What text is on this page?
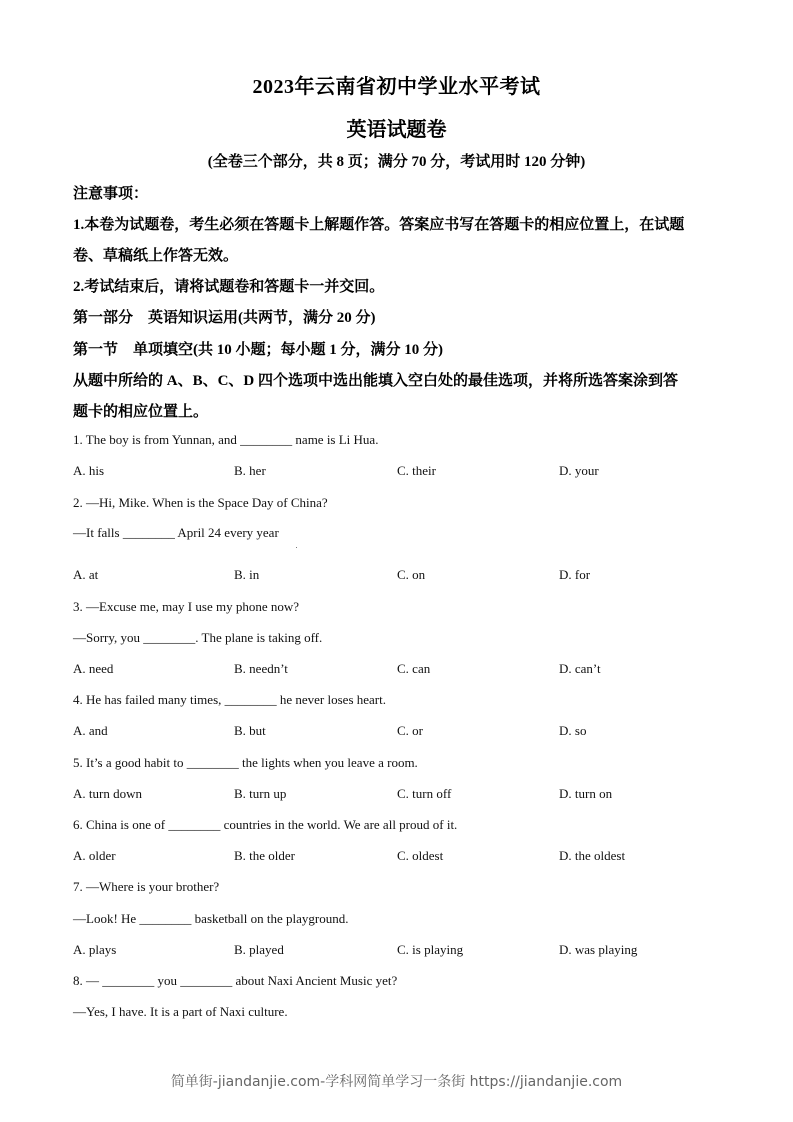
2023年云南省初中学业水平考试
英语试题卷
(全卷三个部分，共 8 页；满分 70 分，考试用时 120 分钟)
注意事项：
1.本卷为试题卷，考生必须在答题卡上解题作答。答案应书写在答题卡的相应位置上，在试题
卷、草稿纸上作答无效。
2.考试结束后，请将试题卷和答题卡一并交回。
第一部分　英语知识运用(共两节，满分 20 分)
第一节　单项填空(共 10 小题；每小题 1 分，满分 10 分)
从题中所给的 A、B、C、D 四个选项中选出能填入空白处的最佳选项，并将所选答案涂到答
题卡的相应位置上。
1. The boy is from Yunnan, and ________ name is Li Hua.
A. his	B. her	C. their	D. your
2. —Hi, Mike. When is the Space Day of China?
—It falls ________ April 24 every year
A. at	B. in	C. on	D. for
3. —Excuse me, may I use my phone now?
—Sorry, you ________. The plane is taking off.
A. need	B. needn’t	C. can	D. can’t
4. He has failed many times, ________ he never loses heart.
A. and	B. but	C. or	D. so
5. It’s a good habit to ________ the lights when you leave a room.
A. turn down	B. turn up	C. turn off	D. turn on
6. China is one of ________ countries in the world. We are all proud of it.
A. older	B. the older	C. oldest	D. the oldest
7. —Where is your brother?
—Look! He ________ basketball on the playground.
A. plays	B. played	C. is playing	D. was playing
8. — ________ you ________ about Naxi Ancient Music yet?
—Yes, I have. It is a part of Naxi culture.
简单街-jiandanjie.com-学科网简单学习一条街 https://jiandanjie.com
